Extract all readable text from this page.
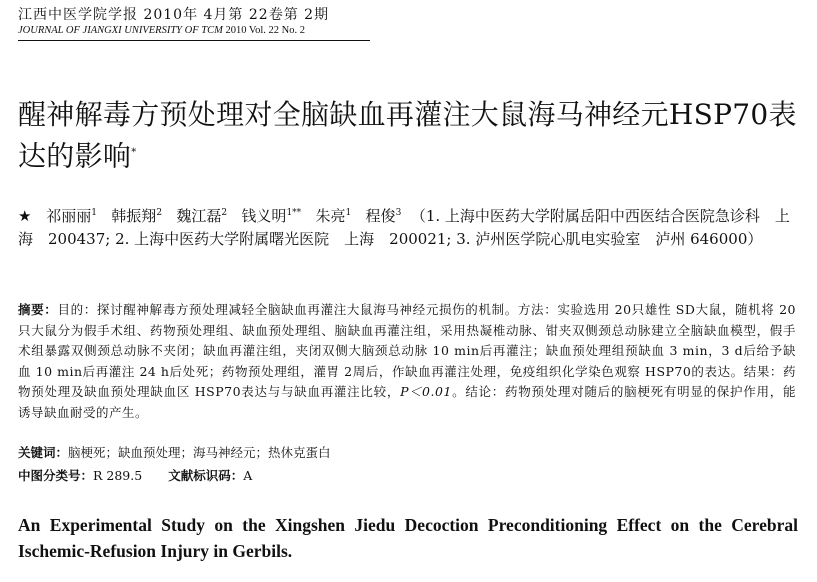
江西中医学院学报 2010年 4月第 22卷第 2期
JOURNAL OF JIANGXI UNIVERSITY OF TCM 2010 Vol. 22 No. 2
醒神解毒方预处理对全脑缺血再灌注大鼠海马神经元HSP70表达的影响*
★ 祁丽丽$^1$ 韩振翔$^2$ 魏江磊$^2$ 钱义明$^{1**}$ 朱亮$^1$ 程俊$^3$ （1. 上海中医药大学附属岳阳中西医结合医院急诊科　上海　200437; 2. 上海中医药大学附属曙光医院　上海　200021; 3. 泸州医学院心肌电实验室　泸州 646000）
摘要：目的：探讨醒神解毒方预处理减轻全脑缺血再灌注大鼠海马神经元损伤的机制。方法：实验选用 20只雄性 SD大鼠，随机将 20只大鼠分为假手术组、药物预处理组、缺血预处理组、脑缺血再灌注组，采用热凝椎动脉、钳夹双侧颈总动脉建立全脑缺血模型，假手术组暴露双侧颈总动脉不夹闭；缺血再灌注组，夹闭双侧大脑颈总动脉 10 min后再灌注；缺血预处理组预缺血 3 min，3 d后给予缺血 10 min后再灌注 24 h后处死；药物预处理组，灌胃 2周后，作缺血再灌注处理，免疫组织化学染色观察 HSP70的表达。结果：药物预处理及缺血预处理缺血区 HSP70表达与与缺血再灌注比较，P＜0.01。结论：药物预处理对随后的脑梗死有明显的保护作用，能诱导缺血耐受的产生。
关键词：脑梗死；缺血预处理；海马神经元；热休克蛋白
中图分类号：R 289.5 文献标识码：A
An Experimental Study on the Xingshen Jiedu Decoction Preconditioning Effect on the Cerebral Ischemic-Refusion Injury in Gerbils.
